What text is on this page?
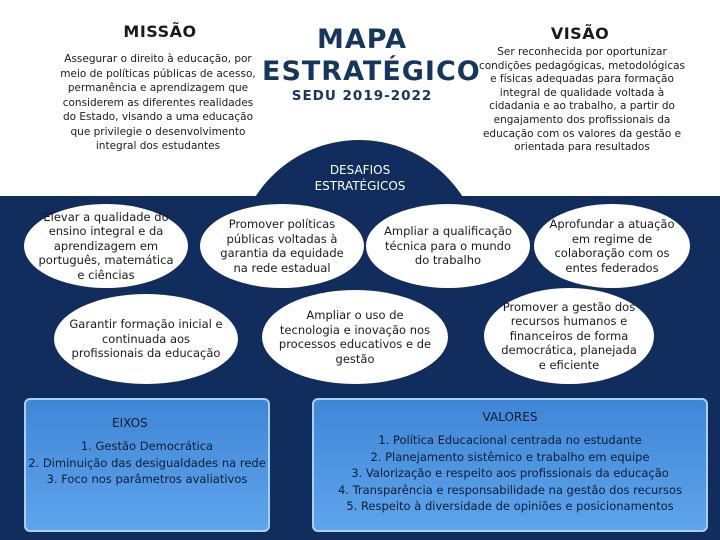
MISSÃO
Assegurar o direito à educação, por meio de políticas públicas de acesso, permanência e aprendizagem que considerem as diferentes realidades do Estado, visando a uma educação que privilegie o desenvolvimento integral dos estudantes
MAPA ESTRATÉGICO
SEDU 2019-2022
VISÃO
Ser reconhecida por oportunizar condições pedagógicas, metodológicas e físicas adequadas para formação integral de qualidade voltada à cidadania e ao trabalho, a partir do engajamento dos profissionais da educação com os valores da gestão e orientada para resultados
DESAFIOS ESTRATÉGICOS
Elevar a qualidade do ensino integral e da aprendizagem em português, matemática e ciências
Promover políticas públicas voltadas à garantia da equidade na rede estadual
Ampliar a qualificação técnica para o mundo do trabalho
Aprofundar a atuação em regime de colaboração com os entes federados
Garantir formação inicial e continuada aos profissionais da educação
Ampliar o uso de tecnologia e inovação nos processos educativos e de gestão
Promover a gestão dos recursos humanos e financeiros de forma democrática, planejada e eficiente
EIXOS
1. Gestão Democrática
2. Diminuição das desigualdades na rede
3. Foco nos parâmetros avaliativos
VALORES
1. Política Educacional centrada no estudante
2. Planejamento sistêmico e trabalho em equipe
3. Valorização e respeito aos profissionais da educação
4. Transparência e responsabilidade na gestão dos recursos
5. Respeito à diversidade de opiniões e posicionamentos
